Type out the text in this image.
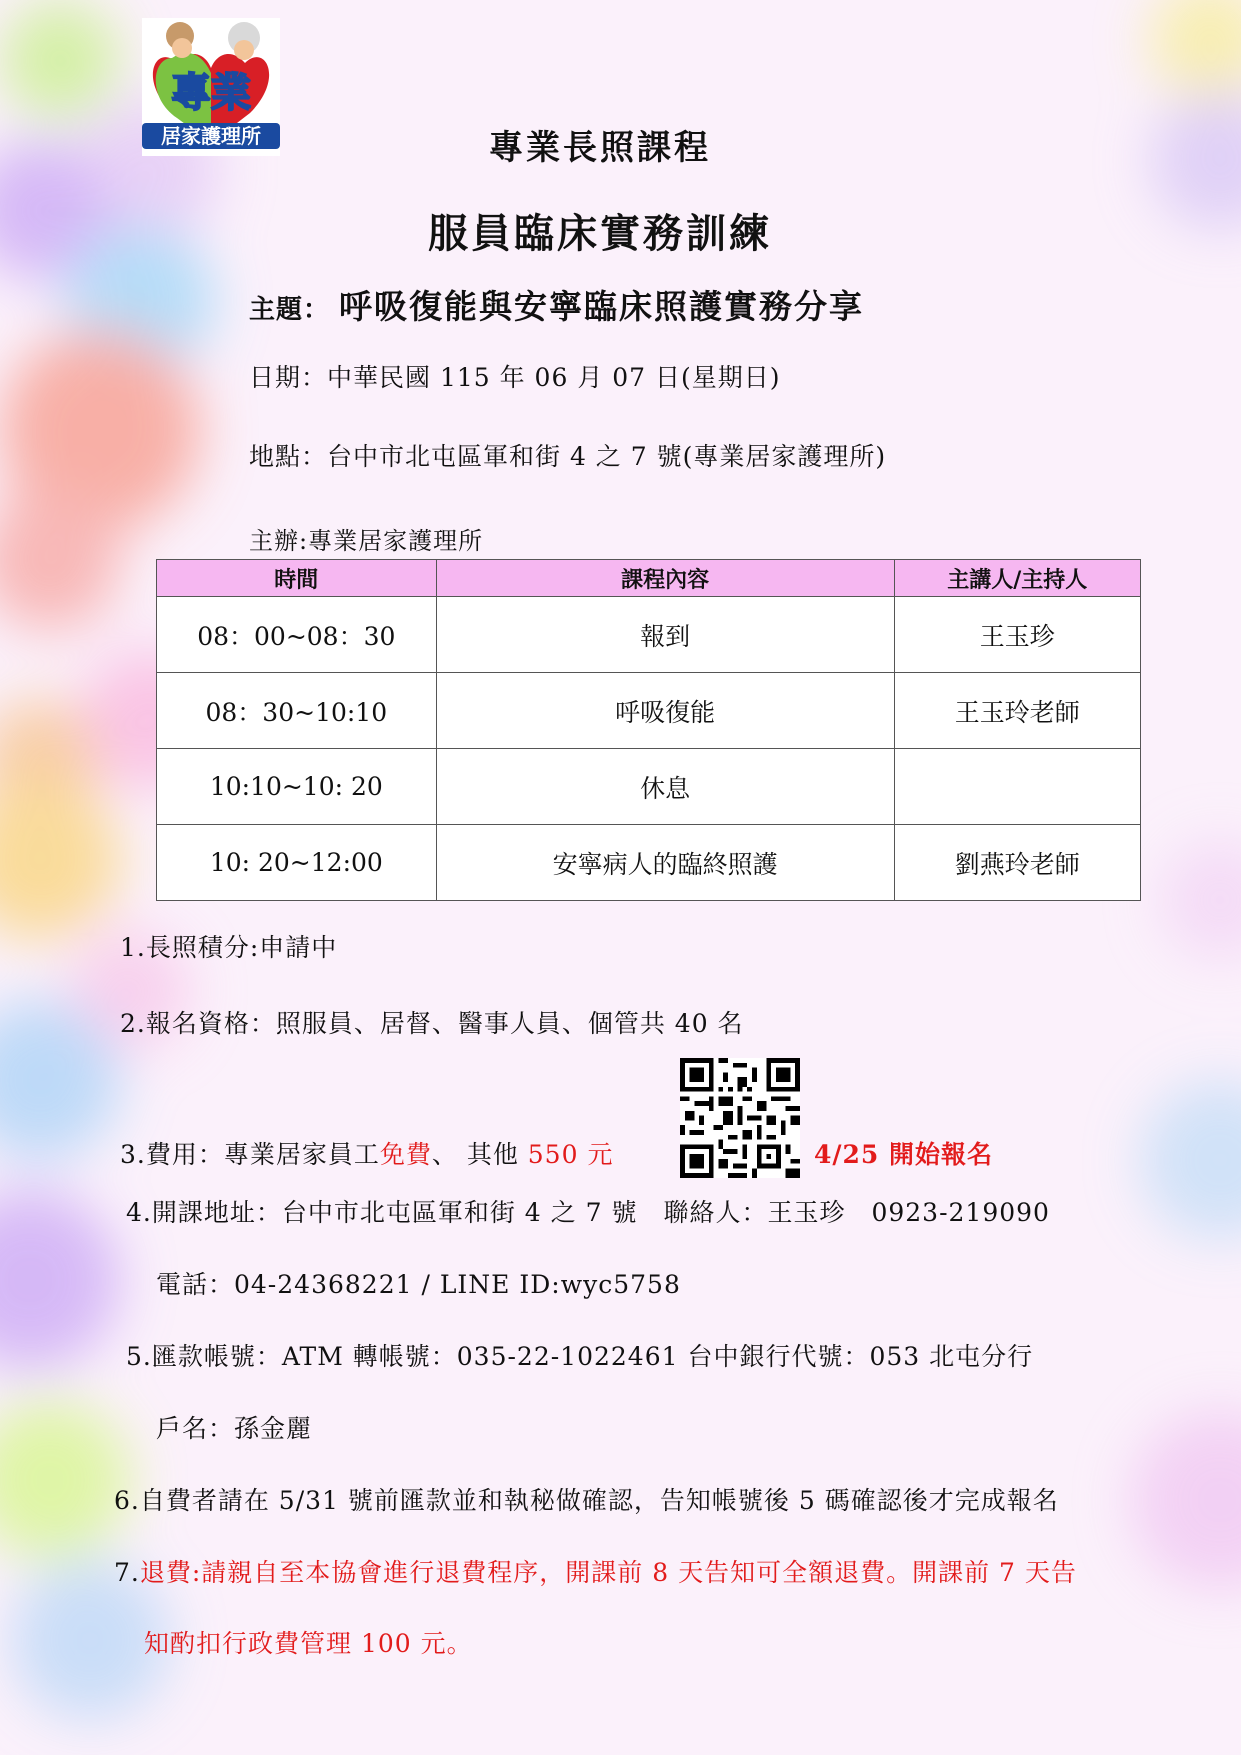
專業
居家護理所	專業長照課程
服員臨床實務訓練
主題： 呼吸復能與安寧臨床照護實務分享
日期：中華民國 115 年 06 月 07 日(星期日)
地點：台中市北屯區軍和街 4 之 7 號(專業居家護理所)
主辦:專業居家護理所
時間	課程內容	主講人/主持人
08：00~08：30	報到	王玉珍
08：30~10:10	呼吸復能	王玉玲老師
10:10~10: 20	休息	
10: 20~12:00	安寧病人的臨終照護	劉燕玲老師
1.長照積分:申請中
2.報名資格：照服員、居督、醫事人員、個管共 40 名
3.費用：專業居家員工免費、 其他 550 元	4/25 開始報名
4.開課地址：台中市北屯區軍和街 4 之 7 號　聯絡人：王玉珍　0923-219090
電話：04-24368221 / LINE ID:wyc5758
5.匯款帳號：ATM 轉帳號：035-22-1022461 台中銀行代號：053 北屯分行
戶名：孫金麗
6.自費者請在 5/31 號前匯款並和執秘做確認，告知帳號後 5 碼確認後才完成報名
7.退費:請親自至本協會進行退費程序，開課前 8 天告知可全額退費。開課前 7 天告
知酌扣行政費管理 100 元。
